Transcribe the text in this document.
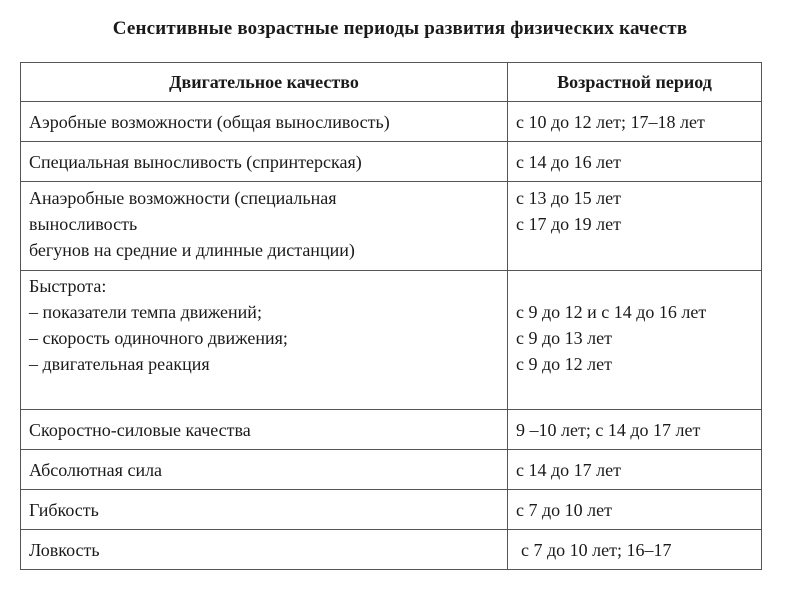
Сенситивные возрастные периоды развития физических качеств
Двигательное качество	Возрастной период

Аэробные возможности (общая выносливость)	с 10 до 12 лет; 17–18 лет

Специальная выносливость (спринтерская)	с 14 до 16 лет

Анаэробные возможности (специальная
выносливость
бегунов на средние и длинные дистанции)	с 13 до 15 лет
с 17 до 19 лет

Быстрота:
– показатели темпа движений;
– скорость одиночного движения;
– двигательная реакция	с 9 до 12 и с 14 до 16 лет
с 9 до 13 лет
с 9 до 12 лет

Скоростно-силовые качества	9 –10 лет; с 14 до 17 лет

Абсолютная сила	с 14 до 17 лет

Гибкость	с 7 до 10 лет

Ловкость	с 7 до 10 лет; 16–17
